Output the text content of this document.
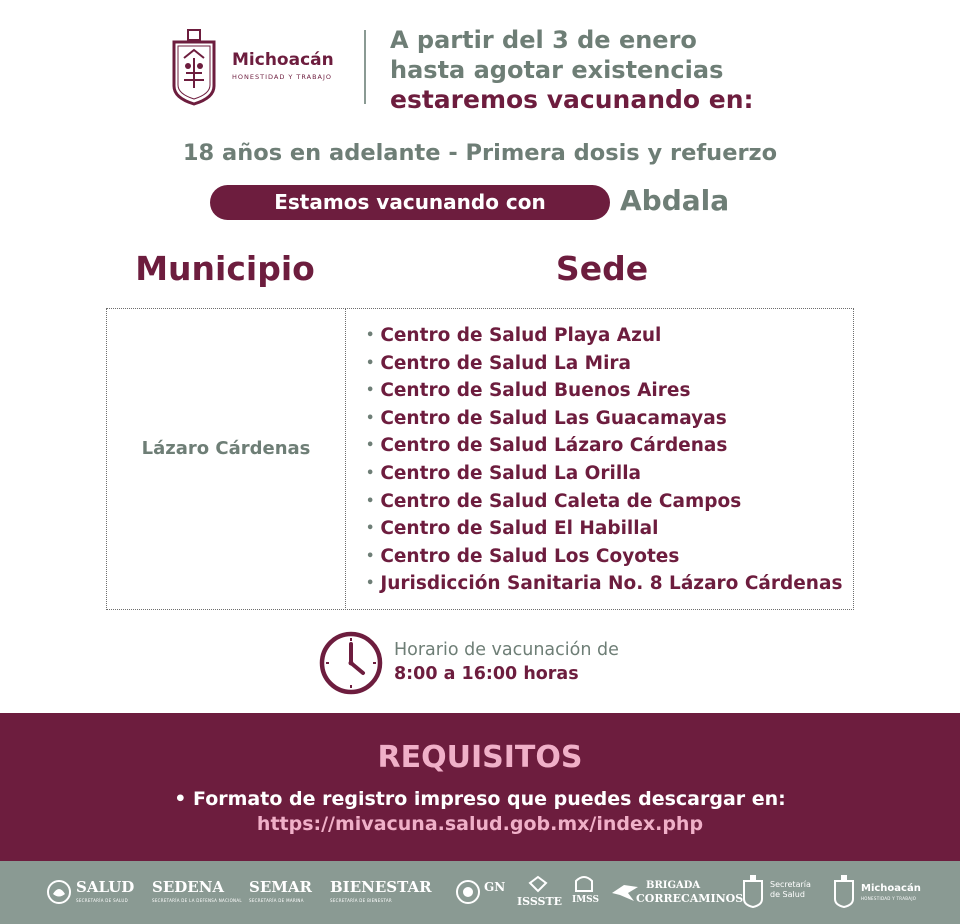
Michoacán
HONESTIDAD Y TRABAJO
A partir del 3 de enero
hasta agotar existencias
estaremos vacunando en:
18 años en adelante - Primera dosis y refuerzo
Estamos vacunando con	Abdala
Municipio	Sede
Lázaro Cárdenas
• Centro de Salud Playa Azul
• Centro de Salud La Mira
• Centro de Salud Buenos Aires
• Centro de Salud Las Guacamayas
• Centro de Salud Lázaro Cárdenas
• Centro de Salud La Orilla
• Centro de Salud Caleta de Campos
• Centro de Salud El Habillal
• Centro de Salud Los Coyotes
• Jurisdicción Sanitaria No. 8 Lázaro Cárdenas
Horario de vacunación de
8:00 a 16:00 horas
REQUISITOS
• Formato de registro impreso que puedes descargar en:
https://mivacuna.salud.gob.mx/index.php
SALUD
SECRETARÍA DE SALUD
SEDENA
SECRETARÍA DE LA DEFENSA NACIONAL
SEMAR
SECRETARÍA DE MARINA
BIENESTAR
SECRETARÍA DE BIENESTAR
GN
ISSSTE IMSS
BRIGADA
CORRECAMINOS
Secretaría
de Salud
Michoacán
HONESTIDAD Y TRABAJO
